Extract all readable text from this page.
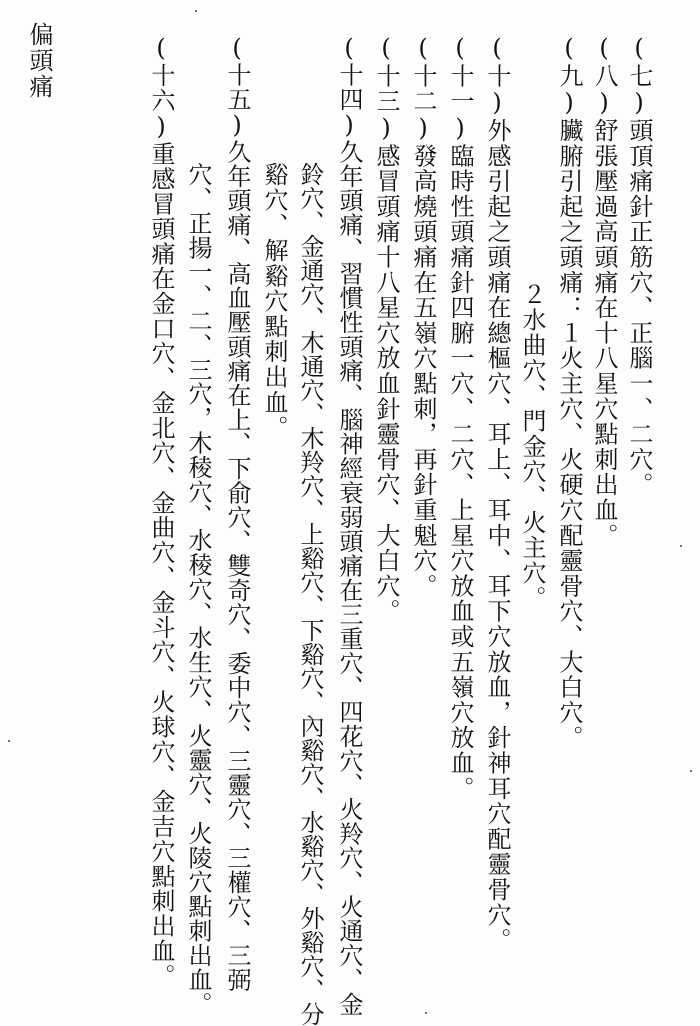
偏頭痛	(七)頭頂痛針正筋穴、正腦一、二穴。
(八)舒張壓過高頭痛在十八星穴點刺出血。
(九)臟腑引起之頭痛：１火主穴、火硬穴配靈骨穴、大白穴。
２水曲穴、門金穴、火主穴。
(十)外感引起之頭痛在總樞穴、耳上、耳中、耳下穴放血，針神耳穴配靈骨穴。
(十一)臨時性頭痛針四腑一穴、二穴、上星穴放血或五嶺穴放血。
(十二)發高燒頭痛在五嶺穴點刺，再針重魁穴。
(十三)感冒頭痛十八星穴放血針靈骨穴、大白穴。
(十四)久年頭痛、習慣性頭痛、腦神經衰弱頭痛在三重穴、四花穴、火羚穴、火通穴、金
鈴穴、金通穴、木通穴、木羚穴、上谿穴、下谿穴、內谿穴、水谿穴、外谿穴、分
谿穴、解谿穴點刺出血。
(十五)久年頭痛、高血壓頭痛在上、下俞穴、雙奇穴、委中穴、三靈穴、三權穴、三弼
穴、正揚一、二、三穴，木稜穴、水稜穴、水生穴、火靈穴、火陵穴點刺出血。
(十六)重感冒頭痛在金口穴、金北穴、金曲穴、金斗穴、火球穴、金吉穴點刺出血。
